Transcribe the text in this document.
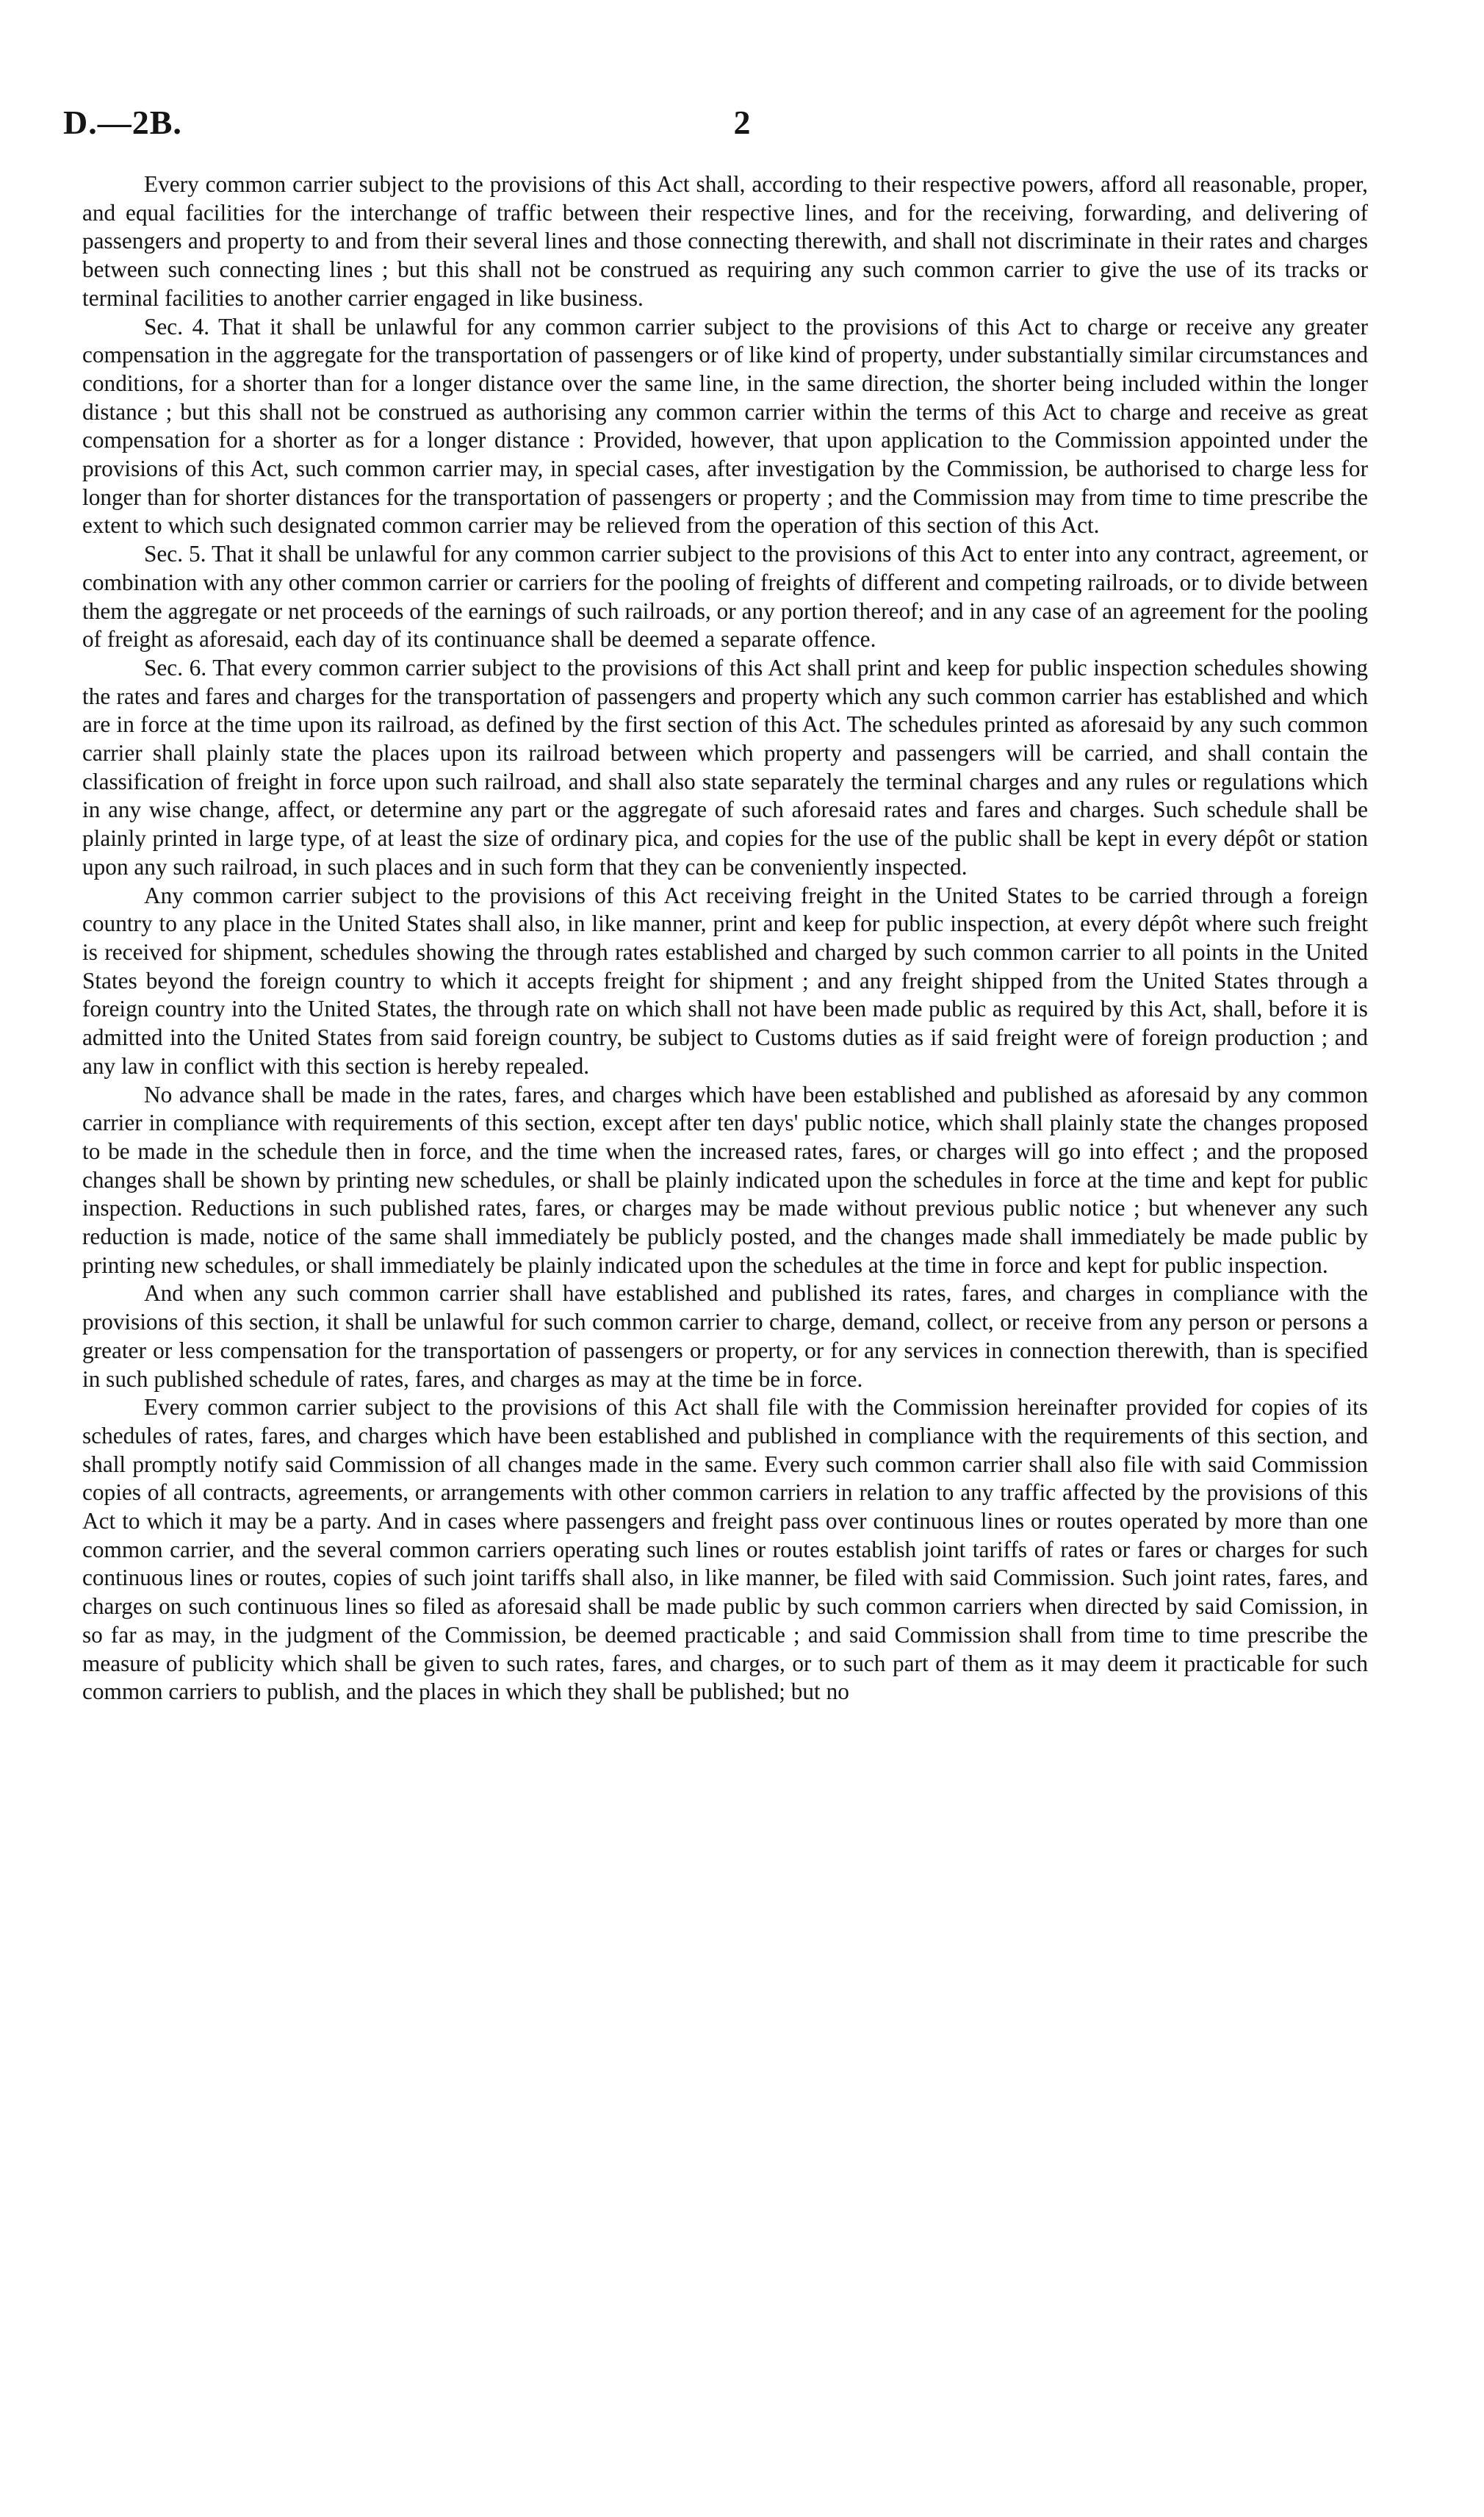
D.—2B.	2

Every common carrier subject to the provisions of this Act shall, according to their respective powers, afford all reasonable, proper, and equal facilities for the interchange of traffic between their respective lines, and for the receiving, forwarding, and delivering of passengers and property to and from their several lines and those connecting therewith, and shall not discriminate in their rates and charges between such connecting lines ; but this shall not be construed as requiring any such common carrier to give the use of its tracks or terminal facilities to another carrier engaged in like business.

Sec. 4. That it shall be unlawful for any common carrier subject to the provisions of this Act to charge or receive any greater compensation in the aggregate for the transportation of passengers or of like kind of property, under substantially similar circumstances and conditions, for a shorter than for a longer distance over the same line, in the same direction, the shorter being included within the longer distance ; but this shall not be construed as authorising any common carrier within the terms of this Act to charge and receive as great compensation for a shorter as for a longer distance : Provided, however, that upon application to the Commission appointed under the provisions of this Act, such common carrier may, in special cases, after investigation by the Commission, be authorised to charge less for longer than for shorter distances for the transportation of passengers or property ; and the Commission may from time to time prescribe the extent to which such designated common carrier may be relieved from the operation of this section of this Act.

Sec. 5. That it shall be unlawful for any common carrier subject to the provisions of this Act to enter into any contract, agreement, or combination with any other common carrier or carriers for the pooling of freights of different and competing railroads, or to divide between them the aggregate or net proceeds of the earnings of such railroads, or any portion thereof; and in any case of an agreement for the pooling of freight as aforesaid, each day of its continuance shall be deemed a separate offence.

Sec. 6. That every common carrier subject to the provisions of this Act shall print and keep for public inspection schedules showing the rates and fares and charges for the transportation of passengers and property which any such common carrier has established and which are in force at the time upon its railroad, as defined by the first section of this Act. The schedules printed as aforesaid by any such common carrier shall plainly state the places upon its railroad between which property and passengers will be carried, and shall contain the classification of freight in force upon such railroad, and shall also state separately the terminal charges and any rules or regulations which in any wise change, affect, or determine any part or the aggregate of such aforesaid rates and fares and charges. Such schedule shall be plainly printed in large type, of at least the size of ordinary pica, and copies for the use of the public shall be kept in every dépôt or station upon any such railroad, in such places and in such form that they can be conveniently inspected.

Any common carrier subject to the provisions of this Act receiving freight in the United States to be carried through a foreign country to any place in the United States shall also, in like manner, print and keep for public inspection, at every dépôt where such freight is received for shipment, schedules showing the through rates established and charged by such common carrier to all points in the United States beyond the foreign country to which it accepts freight for shipment ; and any freight shipped from the United States through a foreign country into the United States, the through rate on which shall not have been made public as required by this Act, shall, before it is admitted into the United States from said foreign country, be subject to Customs duties as if said freight were of foreign production ; and any law in conflict with this section is hereby repealed.

No advance shall be made in the rates, fares, and charges which have been established and published as aforesaid by any common carrier in compliance with requirements of this section, except after ten days' public notice, which shall plainly state the changes proposed to be made in the schedule then in force, and the time when the increased rates, fares, or charges will go into effect ; and the proposed changes shall be shown by printing new schedules, or shall be plainly indicated upon the schedules in force at the time and kept for public inspection. Reductions in such published rates, fares, or charges may be made without previous public notice ; but whenever any such reduction is made, notice of the same shall immediately be publicly posted, and the changes made shall immediately be made public by printing new schedules, or shall immediately be plainly indicated upon the schedules at the time in force and kept for public inspection.

And when any such common carrier shall have established and published its rates, fares, and charges in compliance with the provisions of this section, it shall be unlawful for such common carrier to charge, demand, collect, or receive from any person or persons a greater or less compensation for the transportation of passengers or property, or for any services in connection therewith, than is specified in such published schedule of rates, fares, and charges as may at the time be in force.

Every common carrier subject to the provisions of this Act shall file with the Commission hereinafter provided for copies of its schedules of rates, fares, and charges which have been established and published in compliance with the requirements of this section, and shall promptly notify said Commission of all changes made in the same. Every such common carrier shall also file with said Commission copies of all contracts, agreements, or arrangements with other common carriers in relation to any traffic affected by the provisions of this Act to which it may be a party. And in cases where passengers and freight pass over continuous lines or routes operated by more than one common carrier, and the several common carriers operating such lines or routes establish joint tariffs of rates or fares or charges for such continuous lines or routes, copies of such joint tariffs shall also, in like manner, be filed with said Commission. Such joint rates, fares, and charges on such continuous lines so filed as aforesaid shall be made public by such common carriers when directed by said Comission, in so far as may, in the judgment of the Commission, be deemed practicable ; and said Commission shall from time to time prescribe the measure of publicity which shall be given to such rates, fares, and charges, or to such part of them as it may deem it practicable for such common carriers to publish, and the places in which they shall be published; but no
